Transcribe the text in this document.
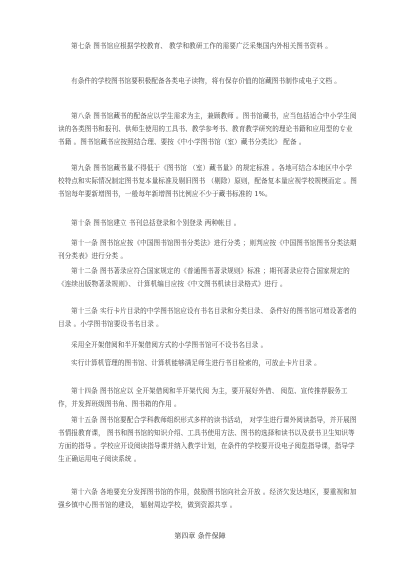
第七条 图书馆应根据学校教育、 教学和教研工作的需要广泛采集国内外相关图书资料 。

有条件的学校图书馆要积极配备各类电子读物，将有保存价值的馆藏图书制作成电子文档 。

第八条 图书馆藏书的配备应以学生需求为主，兼顾教师 。图书馆藏书，应当包括适合中小学生阅读的各类图书和报刊、供师生使用的工具书、教学参考书、教育教学研究的理论书籍和应用型的专业书籍 。图书馆藏书应按照结合理、要按《中小学图书馆（室）藏书分类比》 配备 。

第九条 图书馆藏书量不得低于《图书馆 （室）藏书量》的规定标准 。各地可结合本地区中小学校特点和实际情况制定图书复本量标准及剔旧图书 （剔除）原则，配备复本量应视学校规模而定 。图书馆每年要新增图书，一般每年新增图书比例应不少于藏书标准的 1%。

第十条 图书馆建立 书刊总括登录和个别登录 两种帐目 。

第十一条 图书馆应按《中国图书馆图书分类法》进行分类 ；则判应按《中国图书馆图书分类法期刊分类表》进行分类 。

第十二条 图书著录应符合国家规定的《普通图书著录规则》标准 ；期刊著录应符合国家规定的《连续出版物著录规则》、 计算机编目应按《中文图书机读目录格式》进行 。

第十三条 实行卡片目录的中学图书馆应设有书名目录和分类目录、 条件好的图书馆可增设著者的目录 。小学图书馆要设书名目录 。

采用全开架借阅和半开架借阅方式的小学图书馆可不设书名目录 。

实行计算机管理的图书馆、计算机能够满足师生进行书目检索的，可放止卡片目录 。

第十四条 图书馆应以 全开架借阅和半开架代阅 为主，要开展好外借、 阅览、宣传推荐服务工作，并发挥班级图书角、图书箱的作用 。

第十五条 图书馆要配合学科教师组织形式多样的读书活动， 对学生进行课外阅读指导，并开展图书情报教育课， 图书和图书馆的知识介绍、工具书使用方法、图书的选择和读书以及获书卫生知识等方面的指导 。学校应开设阅读指导课并纳入教学计划，在条件的学校要开设电子阅览指导课，指导学生正确运用电子阅读系统 。

第十六条 各地要充分发挥图书馆的作用，鼓励图书馆向社会开放 。经济欠发达地区，要重视和加强乡镇中心图书馆的建设， 辐射周边学校，做到资源共享 。

第四章 条件保障
